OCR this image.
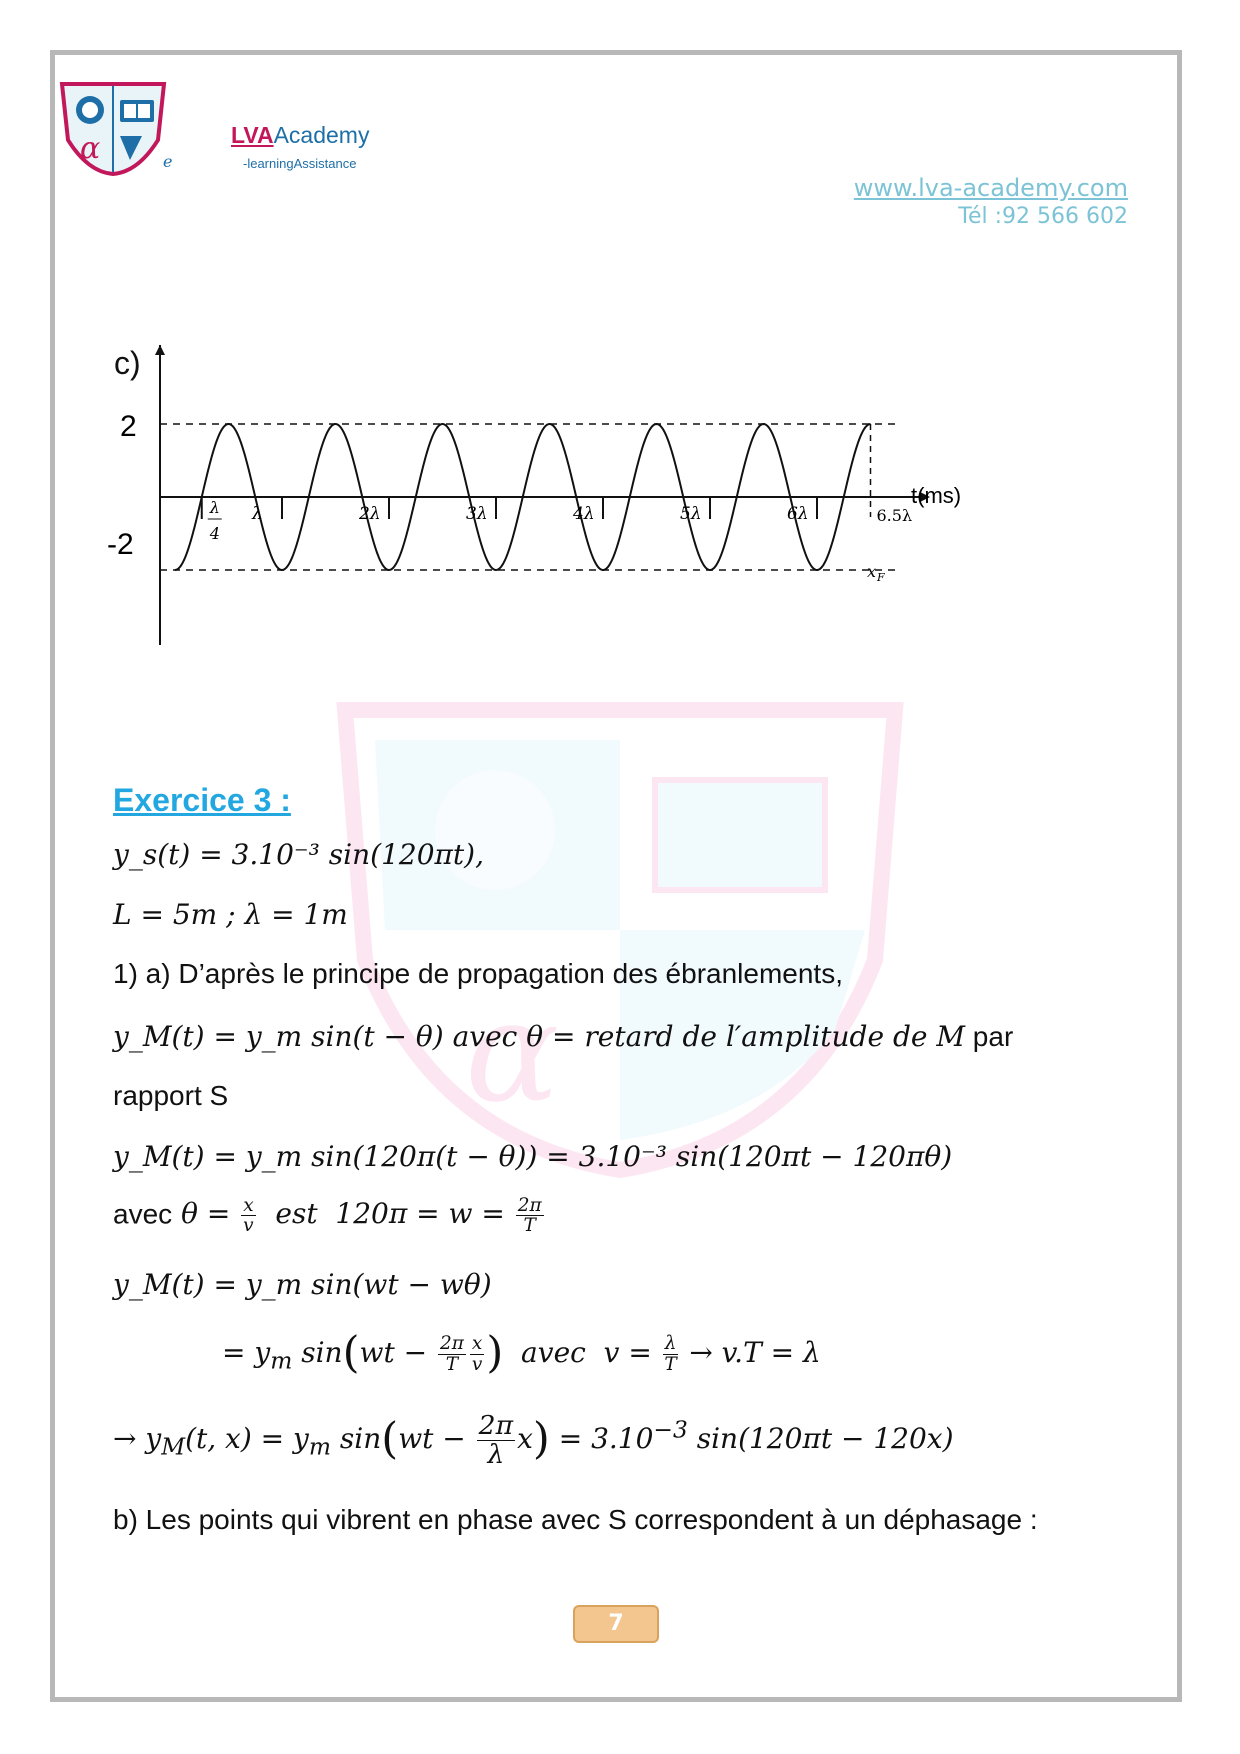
α	e
LVAAcademy
-learningAssistance
www.lva-academy.com
Tél :92 566 602
α
c)
2
-2
t(ms)
λ
4
λ	2λ	3λ	4λ	5λ	6λ	6.5λ
x F
Exercice 3 :
y_s(t) = 3.10⁻³ sin(120πt),
L = 5m ; λ = 1m
1) a) D’après le principe de propagation des ébranlements,
y_M(t) = y_m sin(t − θ) avec θ = retard de l′amplitude de M par
rapport S
y_M(t) = y_m sin(120π(t − θ)) = 3.10⁻³ sin(120πt − 120πθ)
avec $\theta = \frac{x}{v}$ est  $120\pi = w = \frac{2\pi}{T}$
y_M(t) = y_m sin(wt − wθ)
= $y_m$ $\sin(wt - \frac{2\pi}{T} \frac{x}{v}$ )  avec  $v = \frac{\lambda}{T} \to v.T = \lambda$
→ $y_M(t$, $x) = y_m$ $\sin(wt - \frac{2\pi}{\lambda} x) = 3.10^{-3}$ sin(120πt − 120x)
b) Les points qui vibrent en phase avec S correspondent à un déphasage :
7
